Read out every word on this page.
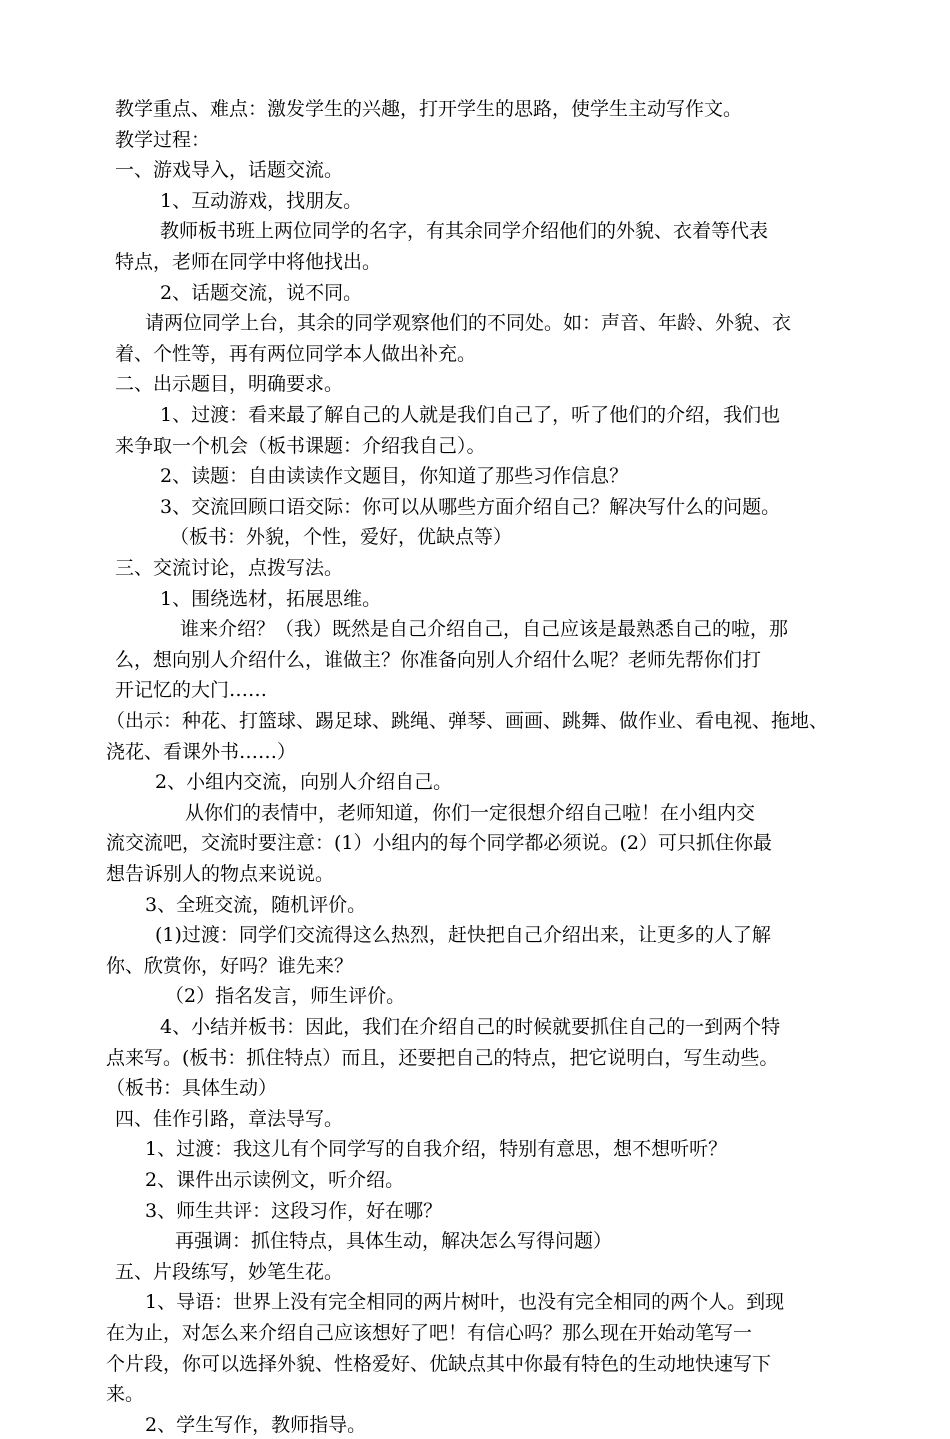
教学重点、难点：激发学生的兴趣，打开学生的思路，使学生主动写作文。
教学过程：
一、游戏导入，话题交流。
1、互动游戏，找朋友。
教师板书班上两位同学的名字，有其余同学介绍他们的外貌、衣着等代表
特点，老师在同学中将他找出。
2、话题交流，说不同。
请两位同学上台，其余的同学观察他们的不同处。如：声音、年龄、外貌、衣
着、个性等，再有两位同学本人做出补充。
二、出示题目，明确要求。
1、过渡：看来最了解自己的人就是我们自己了，听了他们的介绍，我们也
来争取一个机会（板书课题：介绍我自己）。
2、读题：自由读读作文题目，你知道了那些习作信息？
3、交流回顾口语交际：你可以从哪些方面介绍自己？解决写什么的问题。
（板书：外貌，个性，爱好，优缺点等）
三、交流讨论，点拨写法。
1、围绕选材，拓展思维。
谁来介绍？（我）既然是自己介绍自己，自己应该是最熟悉自己的啦，那
么，想向别人介绍什么，谁做主？你准备向别人介绍什么呢？老师先帮你们打
开记忆的大门……
（出示：种花、打篮球、踢足球、跳绳、弹琴、画画、跳舞、做作业、看电视、拖地、
浇花、看课外书……）
2、小组内交流，向别人介绍自己。
从你们的表情中，老师知道，你们一定很想介绍自己啦！在小组内交
流交流吧，交流时要注意：(1）小组内的每个同学都必须说。(2）可只抓住你最
想告诉别人的物点来说说。
3、全班交流，随机评价。
(1)过渡：同学们交流得这么热烈，赶快把自己介绍出来，让更多的人了解
你、欣赏你，好吗？谁先来？
（2）指名发言，师生评价。
4、小结并板书：因此，我们在介绍自己的时候就要抓住自己的一到两个特
点来写。(板书：抓住特点）而且，还要把自己的特点，把它说明白，写生动些。
（板书：具体生动）
四、佳作引路，章法导写。
1、过渡：我这儿有个同学写的自我介绍，特别有意思，想不想听听？
2、课件出示读例文，听介绍。
3、师生共评：这段习作，好在哪？
再强调：抓住特点，具体生动，解决怎么写得问题）
五、片段练写，妙笔生花。
1、导语：世界上没有完全相同的两片树叶，也没有完全相同的两个人。到现
在为止，对怎么来介绍自己应该想好了吧！有信心吗？那么现在开始动笔写一
个片段，你可以选择外貌、性格爱好、优缺点其中你最有特色的生动地快速写下
来。
2、学生写作，教师指导。
